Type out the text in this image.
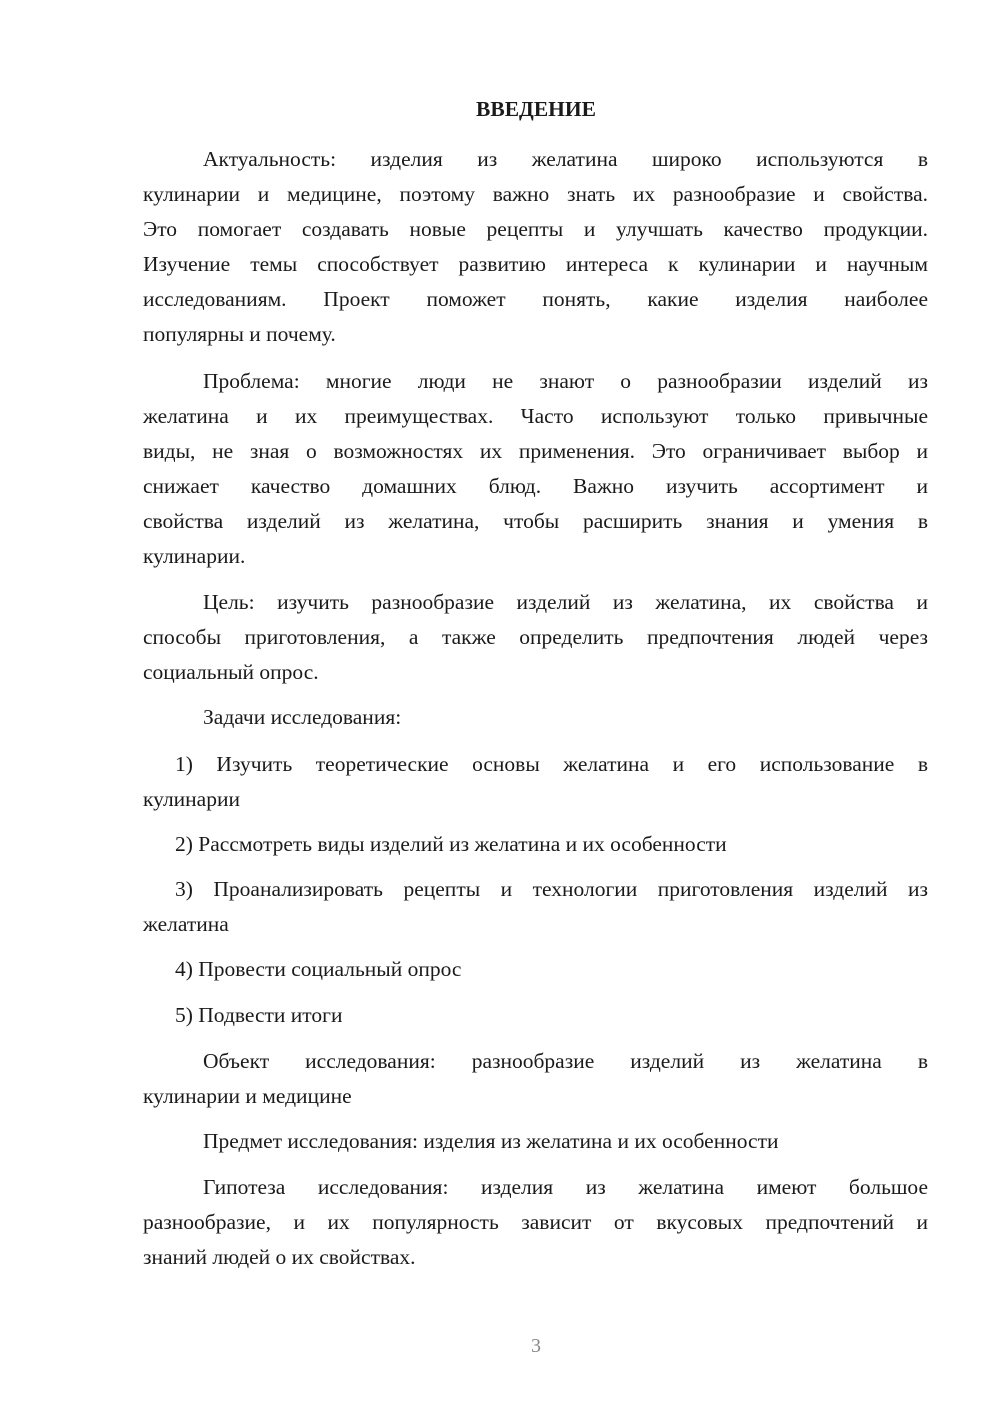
ВВЕДЕНИЕ
Актуальность: изделия из желатина широко используются в
кулинарии и медицине, поэтому важно знать их разнообразие и свойства.
Это помогает создавать новые рецепты и улучшать качество продукции.
Изучение темы способствует развитию интереса к кулинарии и научным
исследованиям. Проект поможет понять, какие изделия наиболее
популярны и почему.
Проблема: многие люди не знают о разнообразии изделий из
желатина и их преимуществах. Часто используют только привычные
виды, не зная о возможностях их применения. Это ограничивает выбор и
снижает качество домашних блюд. Важно изучить ассортимент и
свойства изделий из желатина, чтобы расширить знания и умения в
кулинарии.
Цель: изучить разнообразие изделий из желатина, их свойства и
способы приготовления, а также определить предпочтения людей через
социальный опрос.
Задачи исследования:
1) Изучить теоретические основы желатина и его использование в
кулинарии
2) Рассмотреть виды изделий из желатина и их особенности
3) Проанализировать рецепты и технологии приготовления изделий из
желатина
4) Провести социальный опрос
5) Подвести итоги
Объект исследования: разнообразие изделий из желатина в
кулинарии и медицине
Предмет исследования: изделия из желатина и их особенности
Гипотеза исследования: изделия из желатина имеют большое
разнообразие, и их популярность зависит от вкусовых предпочтений и
знаний людей о их свойствах.
3
